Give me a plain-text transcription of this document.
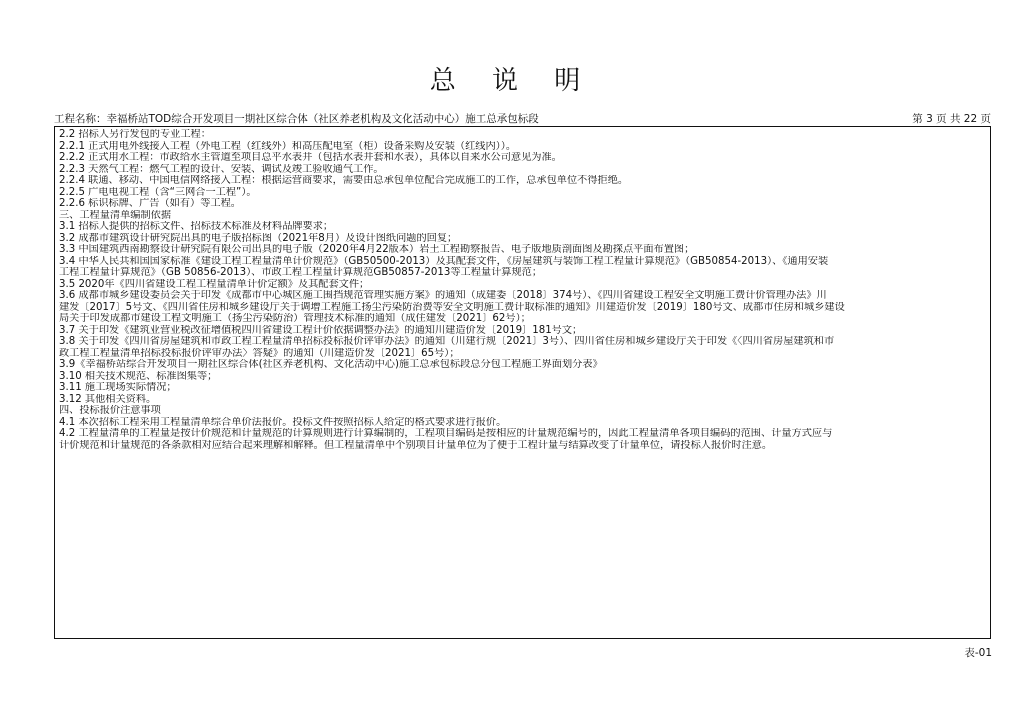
总 说 明
工程名称：幸福桥站TOD综合开发项目一期社区综合体（社区养老机构及文化活动中心）施工总承包标段	第 3 页 共 22 页
2.2 招标人另行发包的专业工程：
2.2.1 正式用电外线接入工程（外电工程（红线外）和高压配电室（柜）设备采购及安装（红线内））。
2.2.2 正式用水工程：市政给水主管道至项目总平水表井（包括水表井套和水表），具体以自来水公司意见为准。
2.2.3 天然气工程：燃气工程的设计、安装、调试及竣工验收通气工作。
2.2.4 联通、移动、中国电信网络接入工程：根据运营商要求，需要由总承包单位配合完成施工的工作，总承包单位不得拒绝。
2.2.5 广电电视工程（含“三网合一工程”）。
2.2.6 标识标牌、广告（如有）等工程。
三、工程量清单编制依据
3.1 招标人提供的招标文件、招标技术标准及材料品牌要求；
3.2 成都市建筑设计研究院出具的电子版招标图（2021年8月）及设计图纸问题的回复；
3.3 中国建筑西南勘察设计研究院有限公司出具的电子版（2020年4月22版本）岩土工程勘察报告、电子版地质剖面图及勘探点平面布置图；
3.4 中华人民共和国国家标准《建设工程工程量清单计价规范》（GB50500-2013）及其配套文件，《房屋建筑与装饰工程工程量计算规范》（GB50854-2013）、《通用安装
工程工程量计算规范》（GB 50856-2013）、市政工程工程量计算规范GB50857-2013等工程量计算规范；
3.5 2020年《四川省建设工程工程量清单计价定额》及其配套文件；
3.6 成都市城乡建设委员会关于印发《成都市中心城区施工围挡规范管理实施方案》的通知（成建委〔2018〕374号）、《四川省建设工程安全文明施工费计价管理办法》川
建发〔2017〕5号文、《四川省住房和城乡建设厅关于调增工程施工扬尘污染防治费等安全文明施工费计取标准的通知》川建造价发〔2019〕180号文、成都市住房和城乡建设
局关于印发成都市建设工程文明施工（扬尘污染防治）管理技术标准的通知（成住建发〔2021〕62号）；
3.7 关于印发《建筑业营业税改征增值税四川省建设工程计价依据调整办法》的通知川建造价发〔2019〕181号文；
3.8 关于印发《四川省房屋建筑和市政工程工程量清单招标投标报价评审办法》的通知（川建行规〔2021〕3号）、四川省住房和城乡建设厅关于印发《〈四川省房屋建筑和市
政工程工程量清单招标投标报价评审办法〉答疑》的通知（川建造价发〔2021〕65号）；
3.9《幸福桥站综合开发项目一期社区综合体(社区养老机构、文化活动中心)施工总承包标段总分包工程施工界面划分表》
3.10 相关技术规范、标准图集等；
3.11 施工现场实际情况；
3.12 其他相关资料。
四、投标报价注意事项
4.1 本次招标工程采用工程量清单综合单价法报价。投标文件按照招标人给定的格式要求进行报价。
4.2 工程量清单的工程量是按计价规范和计量规范的计算规则进行计算编制的，工程项目编码是按相应的计量规范编号的，因此工程量清单各项目编码的范围、计量方式应与
计价规范和计量规范的各条款相对应结合起来理解和解释。但工程量清单中个别项目计量单位为了便于工程计量与结算改变了计量单位，请投标人报价时注意。
表-01
